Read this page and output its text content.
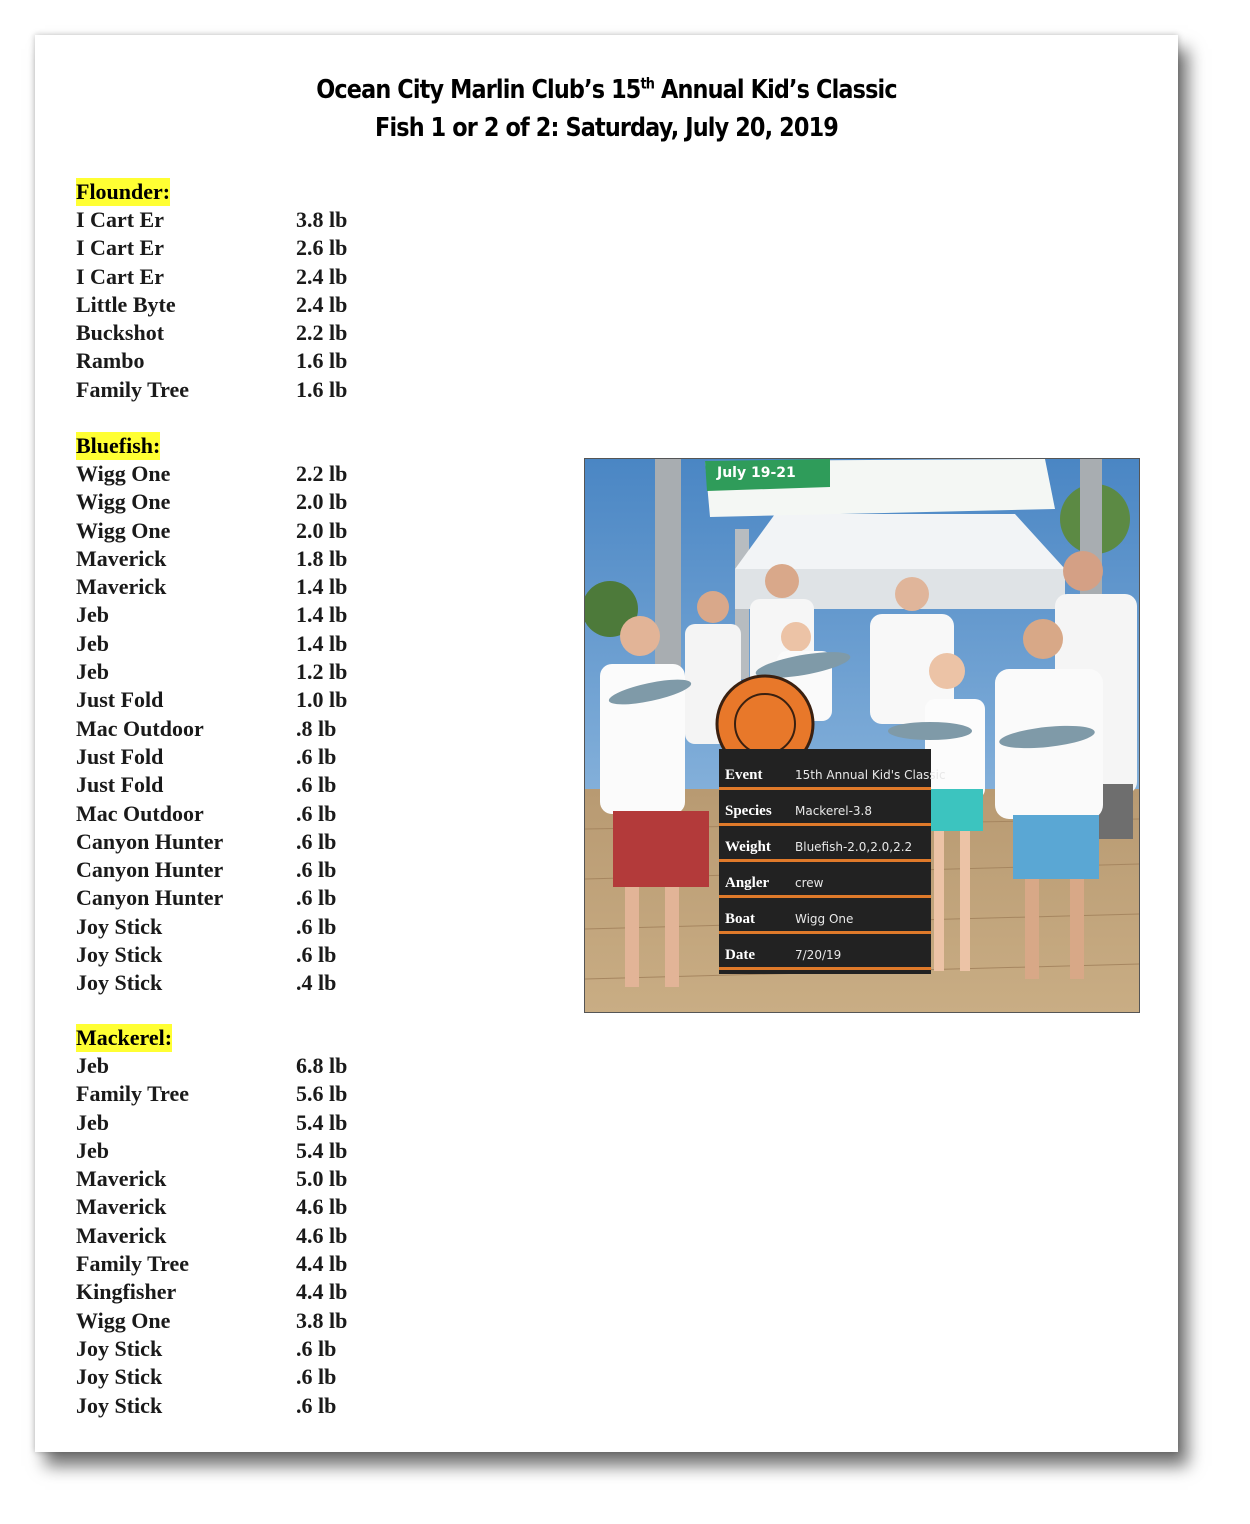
Ocean City Marlin Club’s 15th Annual Kid’s Classic
Fish 1 or 2 of 2: Saturday, July 20, 2019
Flounder:
I Cart Er	3.8 lb
I Cart Er	2.6 lb
I Cart Er	2.4 lb
Little Byte	2.4 lb
Buckshot	2.2 lb
Rambo	1.6 lb
Family Tree	1.6 lb
Bluefish:
Wigg One	2.2 lb
Wigg One	2.0 lb
Wigg One	2.0 lb
Maverick	1.8 lb
Maverick	1.4 lb
Jeb	1.4 lb
Jeb	1.4 lb
Jeb	1.2 lb
Just Fold	1.0 lb
Mac Outdoor	.8 lb
Just Fold	.6 lb
Just Fold	.6 lb
Mac Outdoor	.6 lb
Canyon Hunter	.6 lb
Canyon Hunter	.6 lb
Canyon Hunter	.6 lb
Joy Stick	.6 lb
Joy Stick	.6 lb
Joy Stick	.4 lb
Mackerel:
Jeb	6.8 lb
Family Tree	5.6 lb
Jeb	5.4 lb
Jeb	5.4 lb
Maverick	5.0 lb
Maverick	4.6 lb
Maverick	4.6 lb
Family Tree	4.4 lb
Kingfisher	4.4 lb
Wigg One	3.8 lb
Joy Stick	.6 lb
Joy Stick	.6 lb
Joy Stick	.6 lb
July 19-21
Event	15th Annual Kid's Classic
Species Mackerel-3.8
Weight Bluefish-2.0,2.0,2.2
Angler crew
Boat	Wigg One
Date	7/20/19
